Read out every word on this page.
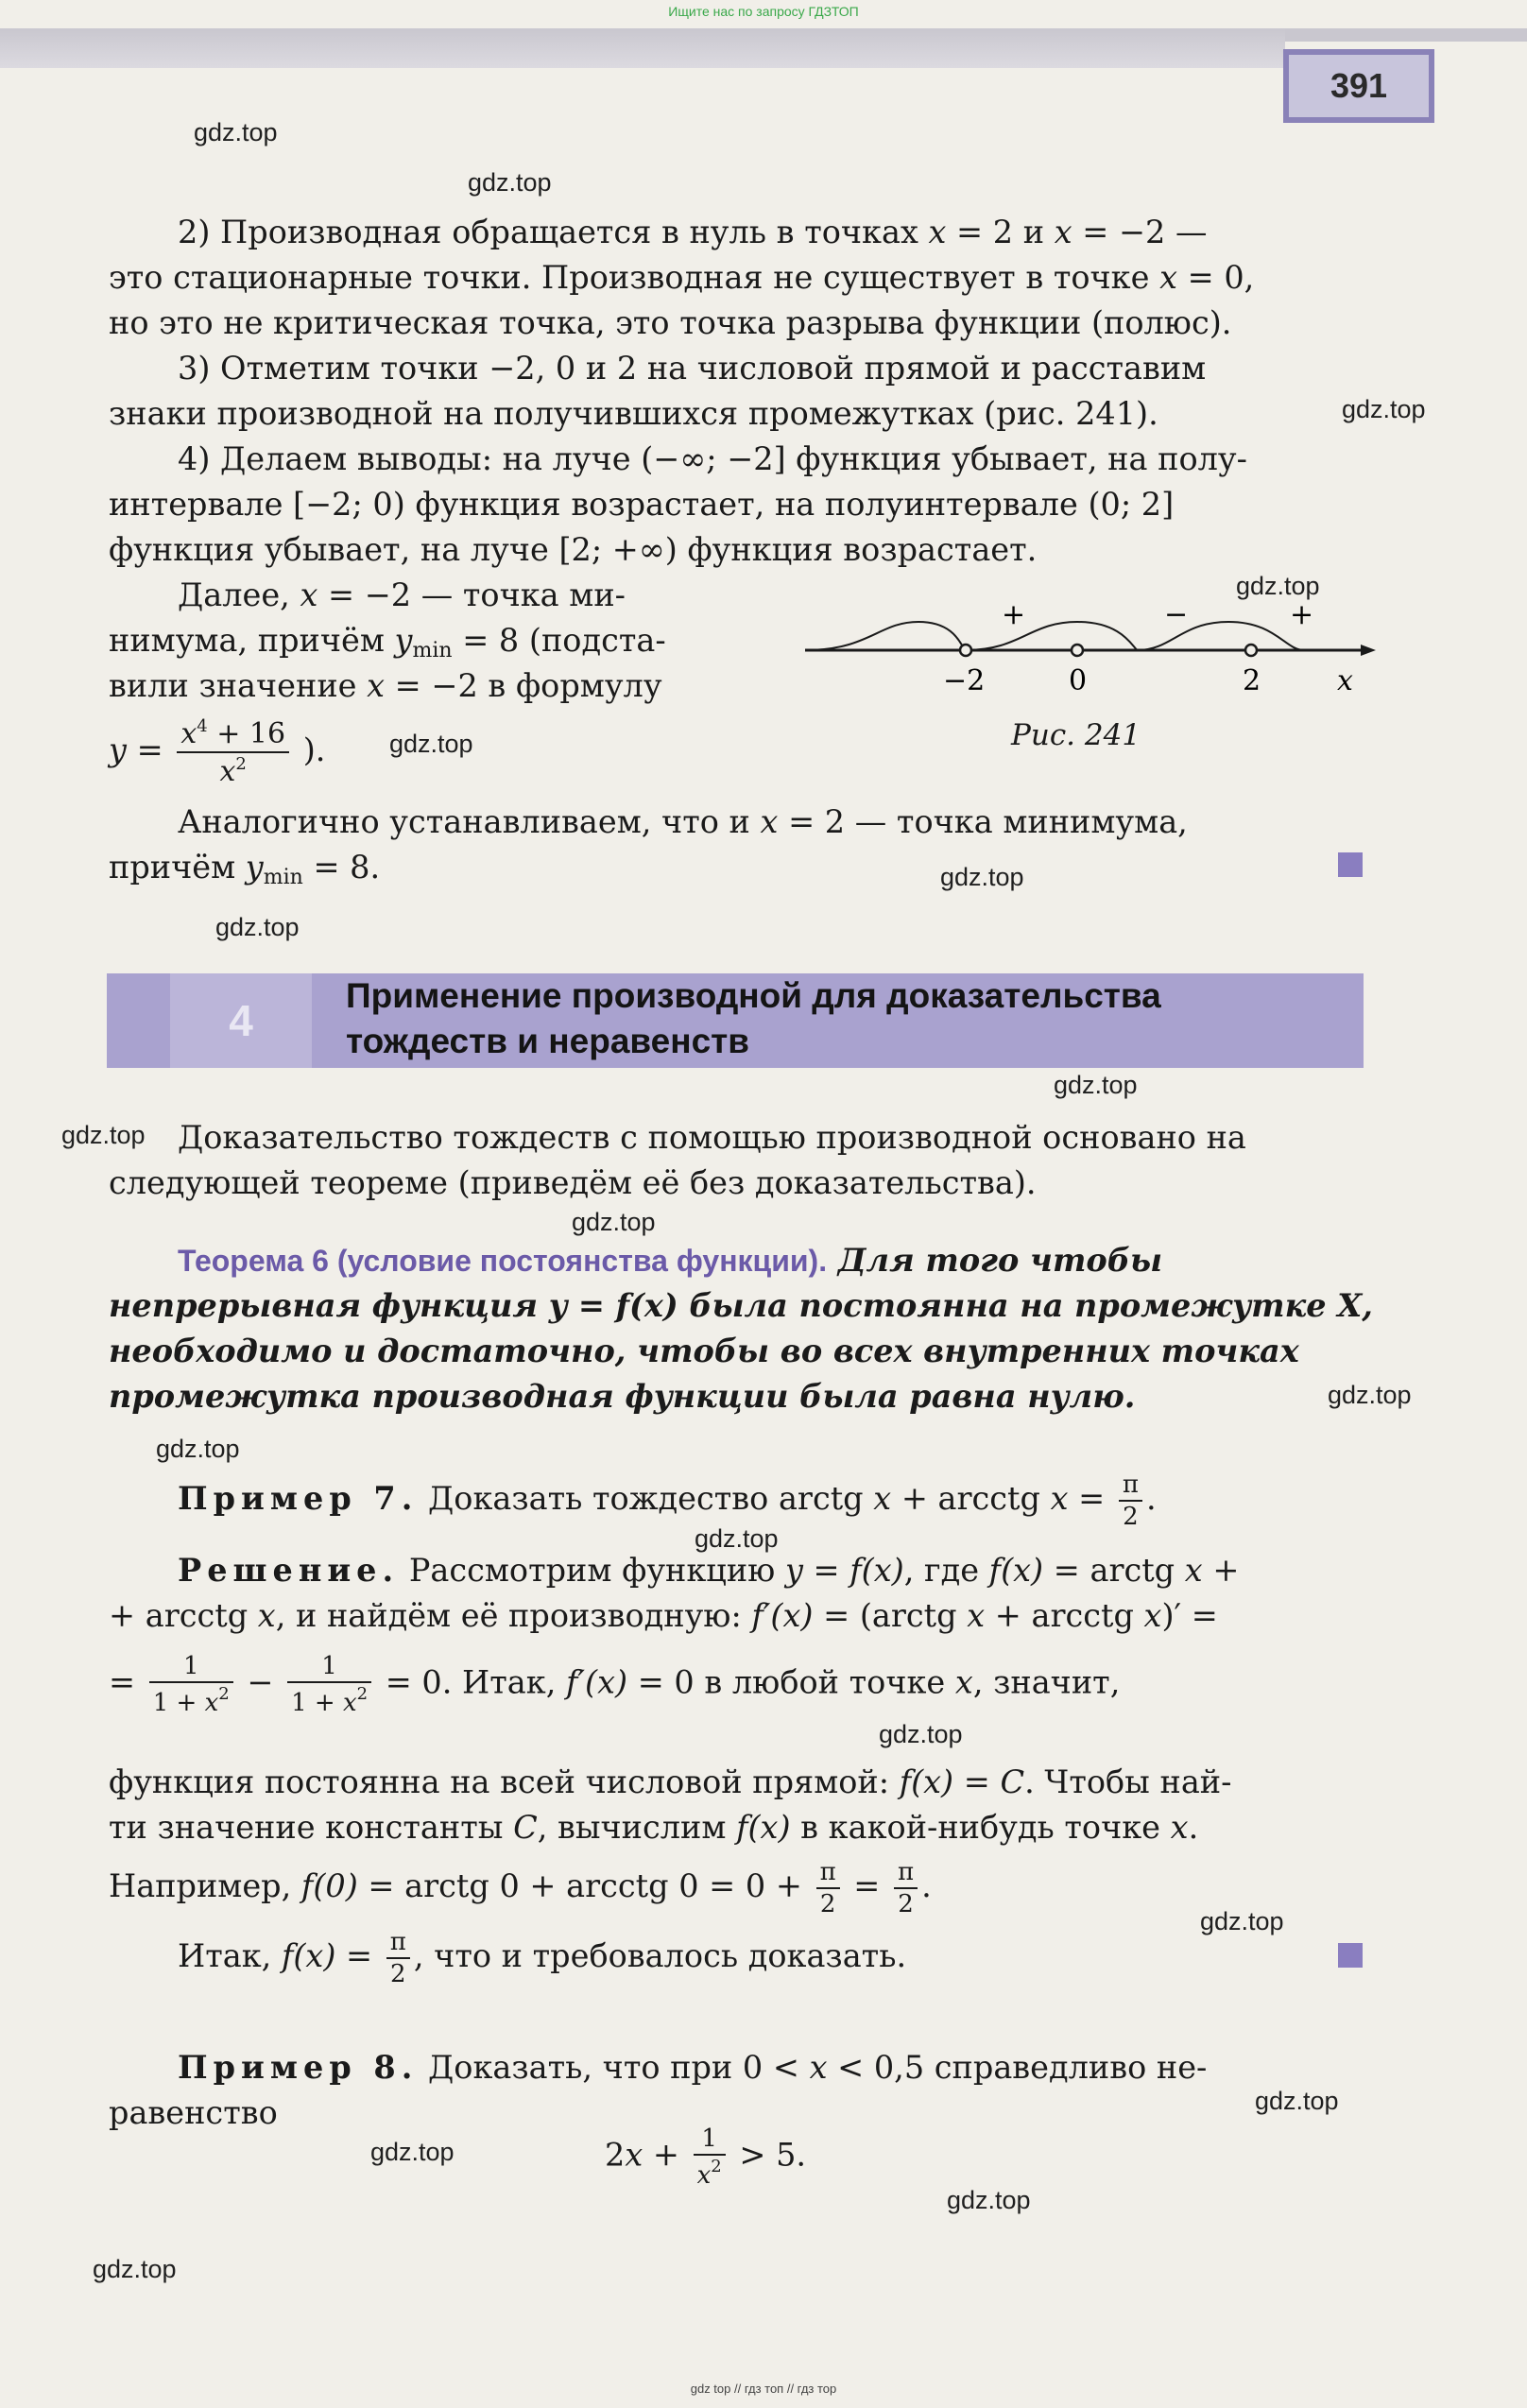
Ищите нас по запросу ГДЗТОП
391
gdz.top
gdz.top
gdz.top
gdz.top
gdz.top
gdz.top
gdz.top
gdz.top
gdz.top
gdz.top
gdz.top
gdz.top
gdz.top
gdz.top
gdz.top
gdz.top
gdz.top
gdz.top
gdz.top
gdz top // гдз топ // гдз тор
2) Производная обращается в нуль в точках x = 2 и x = −2 —
это стационарные точки. Производная не существует в точке x = 0,
но это не критическая точка, это точка разрыва функции (полюс).
3) Отметим точки −2, 0 и 2 на числовой прямой и расставим
знаки производной на получившихся промежутках (рис. 241).
4) Делаем выводы: на луче (−∞; −2] функция убывает, на полу-
интервале [−2; 0) функция возрастает, на полуинтервале (0; 2]
функция убывает, на луче [2; +∞) функция возрастает.
Далее, x = −2 — точка ми-
нимума, причём $y_{min} = 8$ (подста-
вили значение x = −2 в формулу
$y = \frac{x^4 + 16}{x^2}$ ).
Аналогично устанавливаем, что и x = 2 — точка минимума,
причём $y_{min} = 8$.
+	−	+
−2	0	2	x
Рис. 241
4
Применение производной для доказательства
тождеств и неравенств
Доказательство тождеств с помощью производной основано на
следующей теореме (приведём её без доказательства).
Теорема 6 (условие постоянства функции). Для того чтобы
непрерывная функция y = f(x) была постоянна на промежутке X,
необходимо и достаточно, чтобы во всех внутренних точках
промежутка производная функции была равна нулю.
Пример 7. Доказать тождество arctg x + arcctg $x = \frac{\pi}{2}$ .
Решение. Рассмотрим функцию y = f(x), где f(x) = arctg x +
+ arcctg x, и найдём её производную: f′(x) = (arctg x + arcctg x)′ =
= $\frac{1}{1 + x^2} - \frac{1}{1 + x^2} = 0$. Итак, f′(x) = 0 в любой точке x, значит,
функция постоянна на всей числовой прямой: f(x) = C. Чтобы най-
ти значение константы C, вычислим f(x) в какой-нибудь точке x.
Например, f(0) = arctg 0 + arcctg $0 = 0 + \frac{\pi}{2} = \frac{\pi}{2}$ .
Итак, $f(x) = \frac{\pi}{2}$ , что и требовалось доказать.
Пример 8. Доказать, что при 0 < x < 0,5 справедливо не-
равенство
$2x + \frac{1}{x^2} > 5$.
